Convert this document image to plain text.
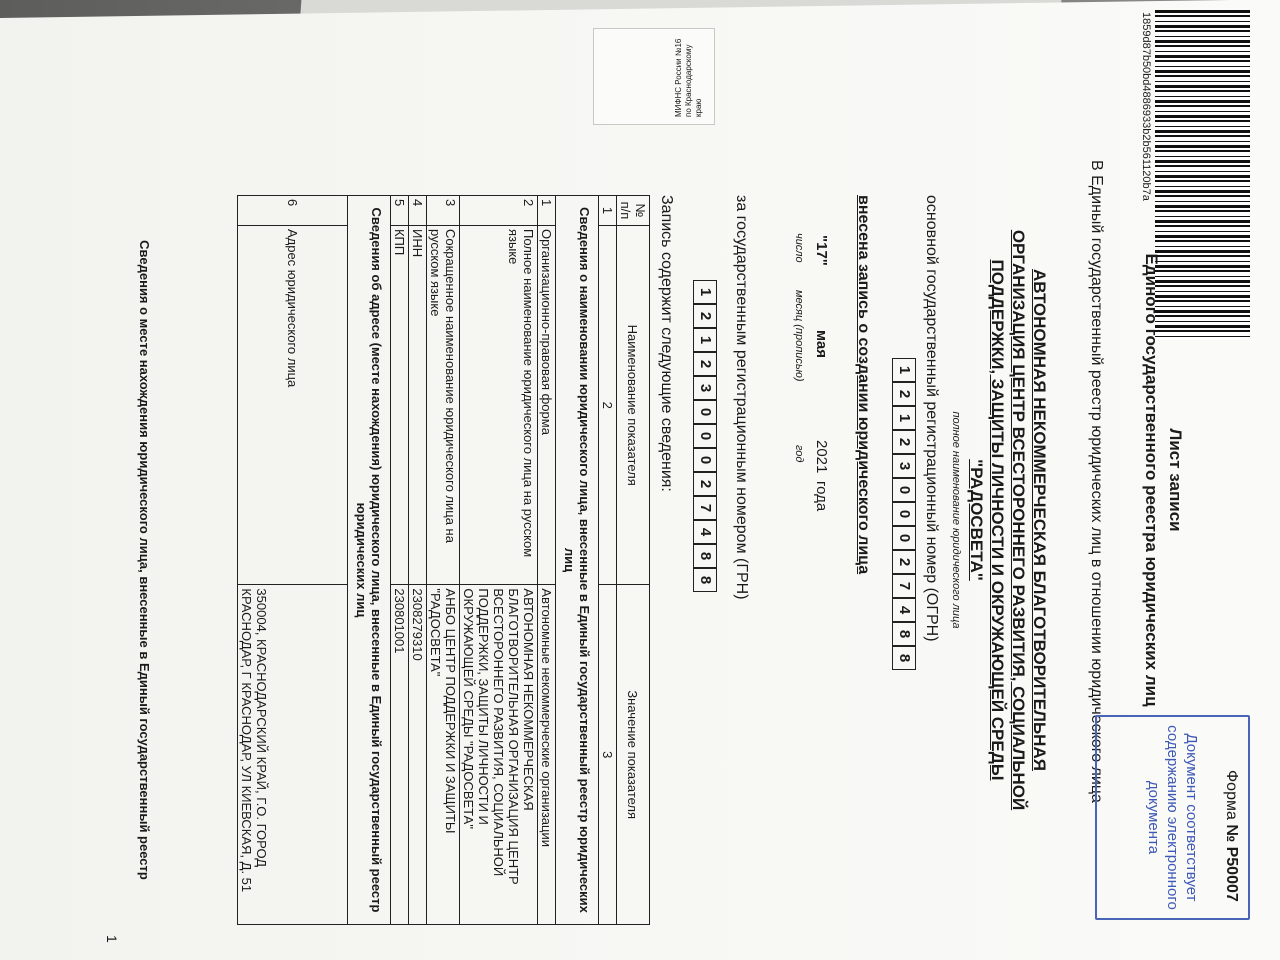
1859d87b50bd4886933b2b561120b7a
МИФНС России №16 по Краснодарскому краю
Форма № Р50007
Лист записи
Единого государственного реестра юридических лиц
В Единый государственный реестр юридических лиц в отношении юридического лица
АВТОНОМНАЯ НЕКОММЕРЧЕСКАЯ БЛАГОТВОРИТЕЛЬНАЯ
ОРГАНИЗАЦИЯ ЦЕНТР ВСЕСТОРОННЕГО РАЗВИТИЯ, СОЦИАЛЬНОЙ
ПОДДЕРЖКИ, ЗАЩИТЫ ЛИЧНОСТИ И ОКРУЖАЮЩЕЙ СРЕДЫ
"РАДОСВЕТА"
полное наименование юридического лица
основной государственный регистрационный номер (ОГРН)
1
2
1
2
3
0
0
0
2
7
4
8
8
внесена запись о создании юридического лица
"17"
мая
2021
года
число
месяц (прописью)
год
за государственным регистрационным номером (ГРН)
1
2
1
2
3
0
0
0
2
7
4
8
8
Запись содержит следующие сведения:
№ п/п	Наименование показателя	Значение показателя
1	2	3
Сведения о наименовании юридического лица, внесенные в Единый государственный реестр юридических лиц		
1	Организационно-правовая форма	Автономные некоммерческие организации
2	Полное наименование юридического лица на русском языке	АВТОНОМНАЯ НЕКОММЕРЧЕСКАЯ БЛАГОТВОРИТЕЛЬНАЯ ОРГАНИЗАЦИЯ ЦЕНТР ВСЕСТОРОННЕГО РАЗВИТИЯ, СОЦИАЛЬНОЙ ПОДДЕРЖКИ, ЗАЩИТЫ ЛИЧНОСТИ И ОКРУЖАЮЩЕЙ СРЕДЫ "РАДОСВЕТА"
3	Сокращенное наименование юридического лица на русском языке	АНБО ЦЕНТР ПОДДЕРЖКИ И ЗАЩИТЫ "РАДОСВЕТА"
4	ИНН	2308279310
5	КПП	230801001
Сведения об адресе (месте нахождения) юридического лица, внесенные в Единый государственный реестр юридических лиц		
6	Адрес юридического лица	350004, КРАСНОДАРСКИЙ КРАЙ, Г.О. ГОРОД КРАСНОДАР, Г КРАСНОДАР, УЛ КИЕВСКАЯ, Д. 51
Сведения о месте нахождения юридического лица, внесенные в Единый государственный реестр	Документ соответствует содержанию электронного документа
1
